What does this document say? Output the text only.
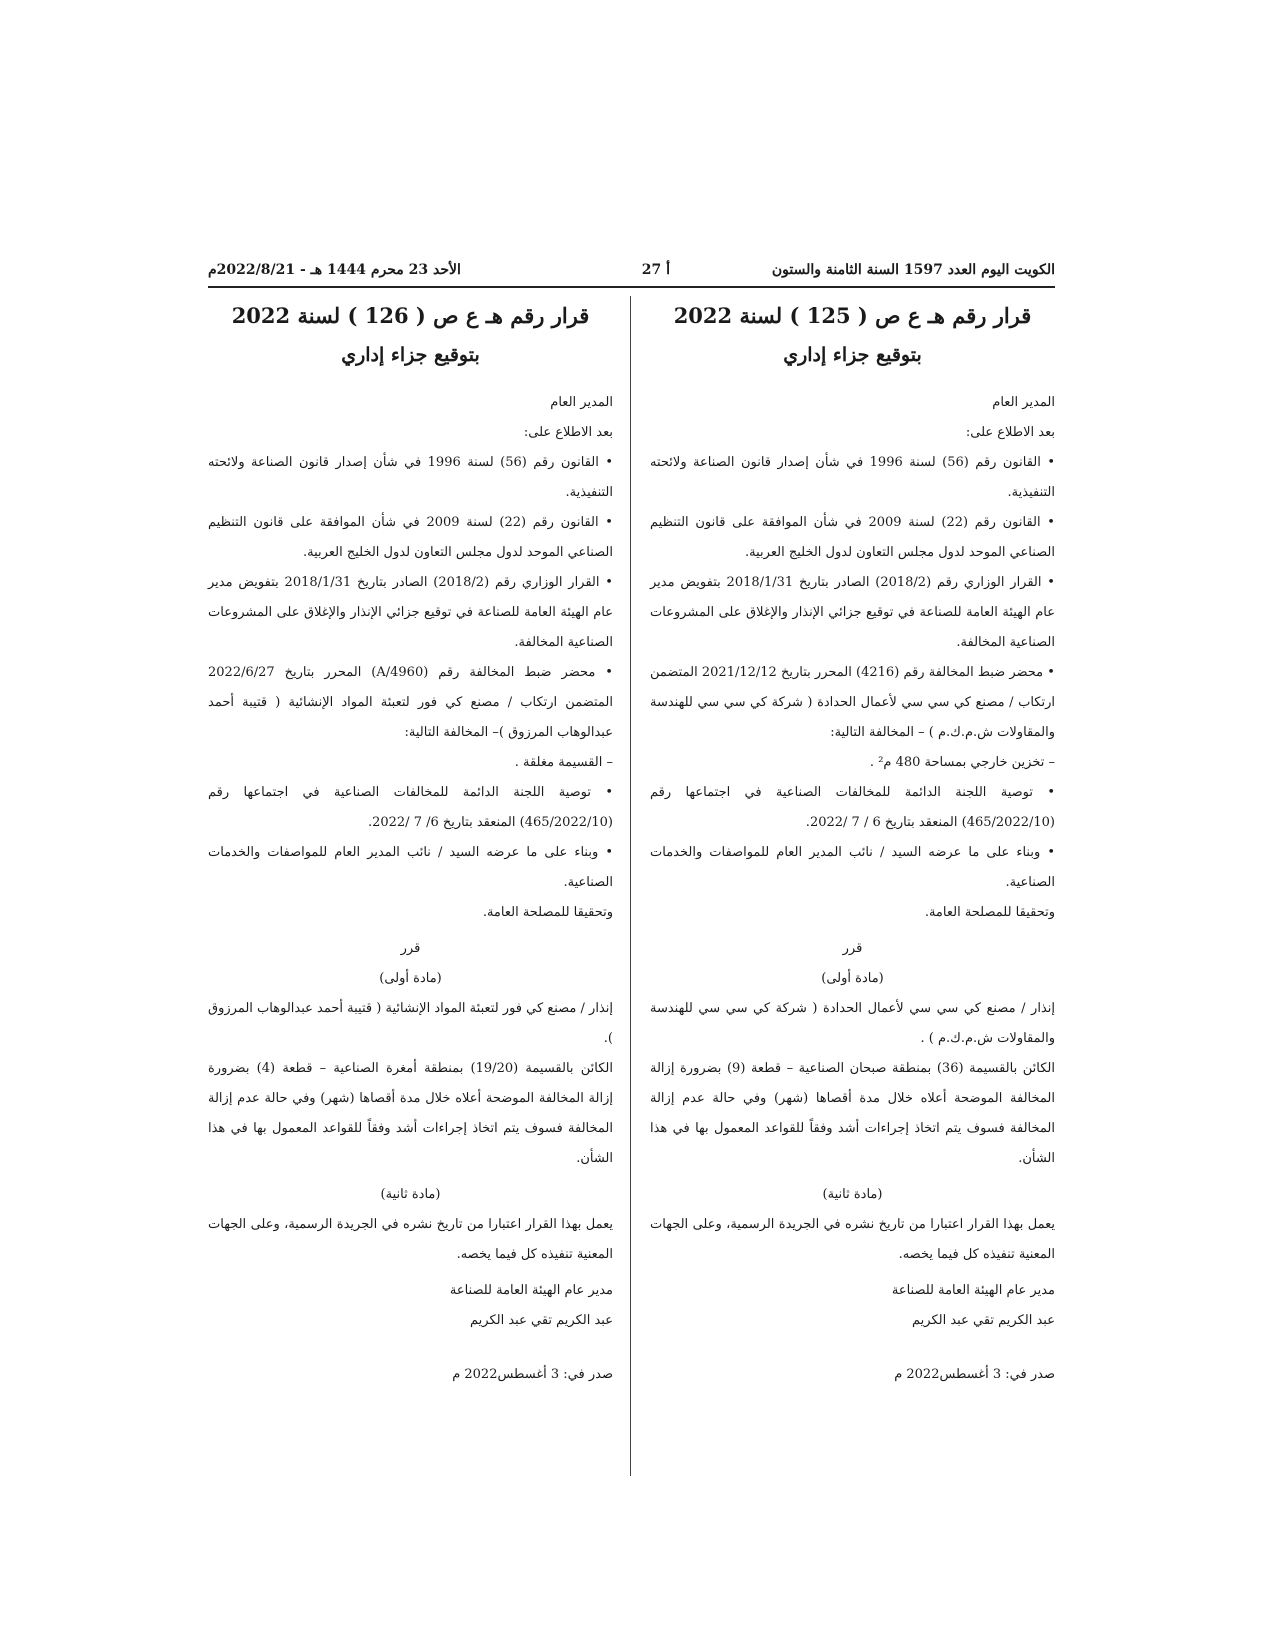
الكويت اليوم العدد 1597 السنة الثامنة والستون
أ 27
الأحد 23 محرم 1444 هـ - 2022/8/21م
قرار رقم هـ ع ص ( 125 ) لسنة 2022
بتوقيع جزاء إداري

المدير العام

بعد الاطلاع على:

• القانون رقم (56) لسنة 1996 في شأن إصدار قانون الصناعة ولائحته التنفيذية.

• القانون رقم (22) لسنة 2009 في شأن الموافقة على قانون التنظيم الصناعي الموحد لدول مجلس التعاون لدول الخليج العربية.

• القرار الوزاري رقم (2018/2) الصادر بتاريخ 2018/1/31 بتفويض مدير عام الهيئة العامة للصناعة في توقيع جزائي الإنذار والإغلاق على المشروعات الصناعية المخالفة.

• محضر ضبط المخالفة رقم (4216) المحرر بتاريخ 2021/12/12 المتضمن ارتكاب / مصنع كي سي سي لأعمال الحدادة ( شركة كي سي سي للهندسة والمقاولات ش.م.ك.م ) – المخالفة التالية:

– تخزين خارجي بمساحة 480 م² .

• توصية اللجنة الدائمة للمخالفات الصناعية في اجتماعها رقم (465/2022/10) المنعقد بتاريخ 6 / 7 /2022.

• وبناء على ما عرضه السيد / نائب المدير العام للمواصفات والخدمات الصناعية.

وتحقيقا للمصلحة العامة.

قرر

(مادة أولى)

إنذار / مصنع كي سي سي لأعمال الحدادة ( شركة كي سي سي للهندسة والمقاولات ش.م.ك.م ) .

الكائن بالقسيمة (36) بمنطقة صبحان الصناعية – قطعة (9) بضرورة إزالة المخالفة الموضحة أعلاه خلال مدة أقصاها (شهر) وفي حالة عدم إزالة المخالفة فسوف يتم اتخاذ إجراءات أشد وفقاً للقواعد المعمول بها في هذا الشأن.

(مادة ثانية)

يعمل بهذا القرار اعتبارا من تاريخ نشره في الجريدة الرسمية، وعلى الجهات المعنية تنفيذه كل فيما يخصه.

مدير عام الهيئة العامة للصناعة

عبد الكريم تقي عبد الكريم

صدر في: 3 أغسطس2022 م

قرار رقم هـ ع ص ( 126 ) لسنة 2022
بتوقيع جزاء إداري

المدير العام

بعد الاطلاع على:

• القانون رقم (56) لسنة 1996 في شأن إصدار قانون الصناعة ولائحته التنفيذية.

• القانون رقم (22) لسنة 2009 في شأن الموافقة على قانون التنظيم الصناعي الموحد لدول مجلس التعاون لدول الخليج العربية.

• القرار الوزاري رقم (2018/2) الصادر بتاريخ 2018/1/31 بتفويض مدير عام الهيئة العامة للصناعة في توقيع جزائي الإنذار والإغلاق على المشروعات الصناعية المخالفة.

• محضر ضبط المخالفة رقم (A/4960) المحرر بتاريخ 2022/6/27 المتضمن ارتكاب / مصنع كي فور لتعبئة المواد الإنشائية ( قتيبة أحمد عبدالوهاب المرزوق )– المخالفة التالية:

– القسيمة مغلقة .

• توصية اللجنة الدائمة للمخالفات الصناعية في اجتماعها رقم (465/2022/10) المنعقد بتاريخ 6/ 7 /2022.

• وبناء على ما عرضه السيد / نائب المدير العام للمواصفات والخدمات الصناعية.

وتحقيقا للمصلحة العامة.

قرر

(مادة أولى)

إنذار / مصنع كي فور لتعبئة المواد الإنشائية ( قتيبة أحمد عبدالوهاب المرزوق ).

الكائن بالقسيمة (19/20) بمنطقة أمغرة الصناعية – قطعة (4) بضرورة إزالة المخالفة الموضحة أعلاه خلال مدة أقصاها (شهر) وفي حالة عدم إزالة المخالفة فسوف يتم اتخاذ إجراءات أشد وفقاً للقواعد المعمول بها في هذا الشأن.

(مادة ثانية)

يعمل بهذا القرار اعتبارا من تاريخ نشره في الجريدة الرسمية، وعلى الجهات المعنية تنفيذه كل فيما يخصه.

مدير عام الهيئة العامة للصناعة

عبد الكريم تقي عبد الكريم

صدر في: 3 أغسطس2022 م
